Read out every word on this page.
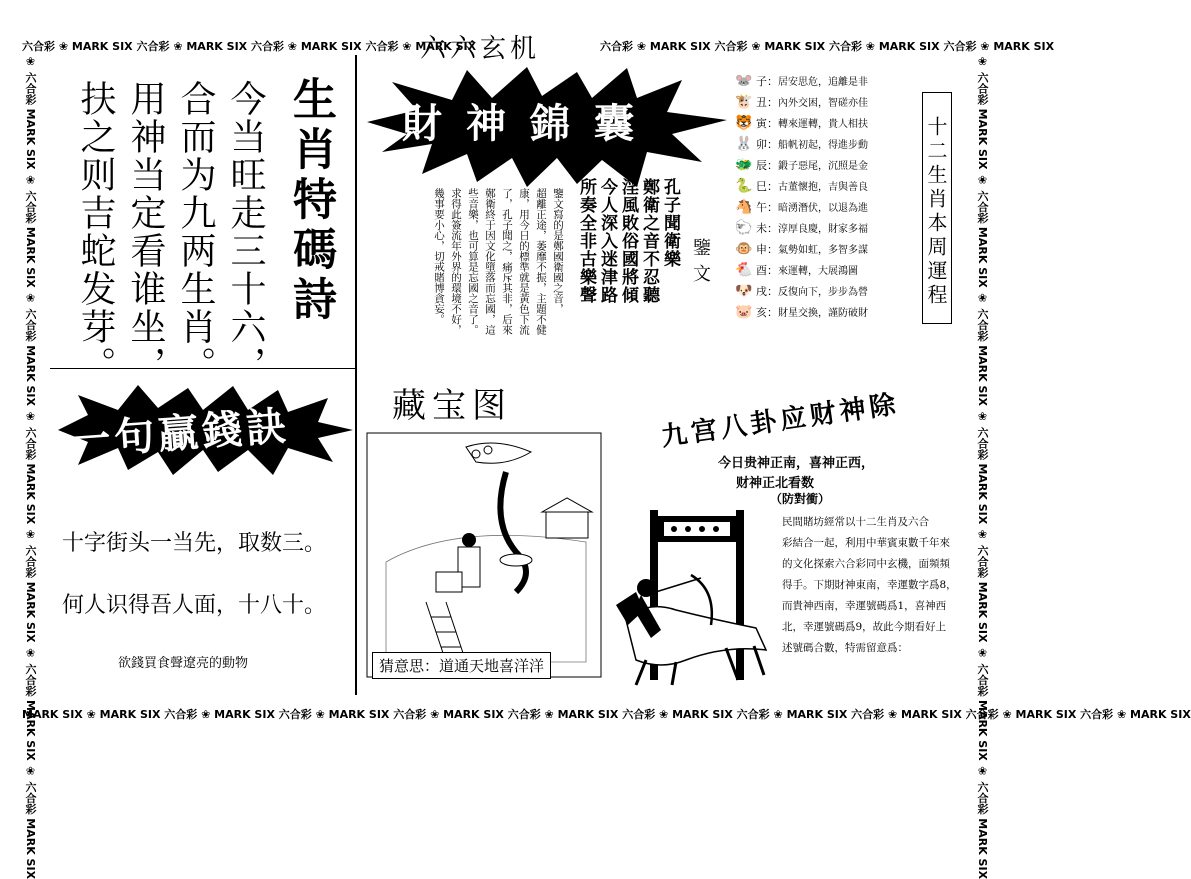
六合彩 ❀ MARK SIX 六合彩 ❀ MARK SIX 六合彩 ❀ MARK SIX 六合彩 ❀ MARK SIX	六合彩 ❀ MARK SIX 六合彩 ❀ MARK SIX 六合彩 ❀ MARK SIX 六合彩 ❀ MARK SIX
六六玄机
MARK SIX ❀ MARK SIX 六合彩 ❀ MARK SIX 六合彩 ❀ MARK SIX 六合彩 ❀ MARK SIX 六合彩 ❀ MARK SIX 六合彩 ❀ MARK SIX 六合彩 ❀ MARK SIX 六合彩 ❀ MARK SIX 六合彩 ❀ MARK SIX 六合彩 ❀ MARK SIX
❀ 六合彩 MARK SIX ❀ 六合彩 MARK SIX ❀ 六合彩 MARK SIX ❀ 六合彩 MARK SIX ❀ 六合彩 MARK SIX ❀ 六合彩 MARK SIX ❀ 六合彩 MARK SIX	❀ 六合彩 MARK SIX ❀ 六合彩 MARK SIX ❀ 六合彩 MARK SIX ❀ 六合彩 MARK SIX ❀ 六合彩 MARK SIX ❀ 六合彩 MARK SIX ❀ 六合彩 MARK SIX
生肖特碼詩
今当旺走三十六，
合而为九两生肖。
用神当定看谁坐，
扶之则吉蛇发芽。
一句贏錢訣
十字街头一当先，取数三。
何人识得吾人面，十八十。
欲錢買食聲遼亮的動物
財神錦囊
鑒文
孔子聞衛樂
鄭衛之音不忍聽
淫風敗俗國將傾
今人深入迷津路
所奏全非古樂聲
鑒文寫的是鄭國衛國之音，
超離正途，萎靡不振，主題不健
康，用今日的標準就是黃色下流
了，孔子聞之，痛斥其非，后來
鄭衛終于因文化墮落而忘國，這
些音樂，也可算是忘國之音了。
求得此簽流年外界的環境不好，
幾事要小心，切戒賭博貪妄。
🐭 子： 居安思危，追離是非
🐮 丑： 內外交困，智磋亦佳
🐯 寅： 轉來運轉，貴人相扶
🐰 卯： 船帆初起，得進步動
🐲 辰： 鍛子惡尾，沉照是金
🐍 巳： 古董懷抱，吉與善良
🐴 午： 暗湧潛伏，以退為進
🐑 未： 淳厚良慶，財家多福
🐵 申： 氣勢如虹，多智多謀
🐔 酉： 來運轉，大展鴻圖
🐶 戌： 反復向下，步步為營
🐷 亥： 財星交換，謹防破財
十二生肖本周運程
藏宝图
猜意思：道通天地喜洋洋
九宫八卦应财神除
今日贵神正南，喜神正西，
财神正北看数
（防對衝）
民間賭坊經常以十二生肖及六合
彩結合一起，利用中華賓東數千年來
的文化探索六合彩同中玄機，面頻頻
得手。下期財神東南，幸運數字爲8，
而貴神西南，幸運號碼爲1，喜神西
北，幸運號碼爲9，故此今期看好上
述號碼合數，特需留意爲：
